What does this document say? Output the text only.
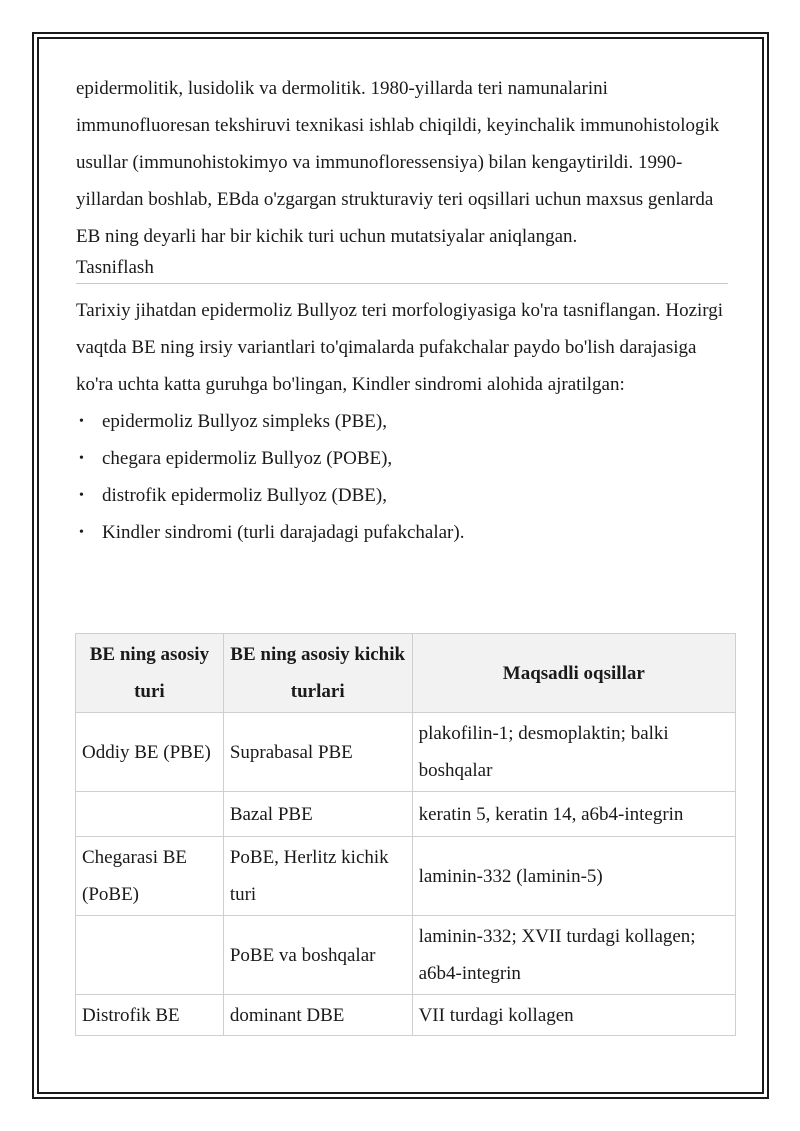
epidermolitik, lusidolik va dermolitik. 1980-yillarda teri namunalarini immunofluoresan tekshiruvi texnikasi ishlab chiqildi, keyinchalik immunohistologik usullar (immunohistokimyo va immunofloressensiya) bilan kengaytirildi. 1990-yillardan boshlab, EBda o'zgargan strukturaviy teri oqsillari uchun maxsus genlarda EB ning deyarli har bir kichik turi uchun mutatsiyalar aniqlangan.

Tasniflash

Tarixiy jihatdan epidermoliz Bullyoz teri morfologiyasiga ko'ra tasniflangan. Hozirgi vaqtda BE ning irsiy variantlari to'qimalarda pufakchalar paydo bo'lish darajasiga ko'ra uchta katta guruhga bo'lingan, Kindler sindromi alohida ajratilgan:

• epidermoliz Bullyoz simpleks (PBE),
• chegara epidermoliz Bullyoz (POBE),
• distrofik epidermoliz Bullyoz (DBE),
• Kindler sindromi (turli darajadagi pufakchalar).
BE ning asosiy turi	BE ning asosiy kichik turlari	Maqsadli oqsillar
Oddiy BE (PBE)	Suprabasal PBE	plakofilin-1; desmoplaktin; balki boshqalar
	Bazal PBE	keratin 5, keratin 14, a6b4-integrin
Chegarasi BE (PoBE)	PoBE, Herlitz kichik turi	laminin-332 (laminin-5)
	PoBE va boshqalar	laminin-332; XVII turdagi kollagen; a6b4-integrin
Distrofik BE	dominant DBE	VII turdagi kollagen
